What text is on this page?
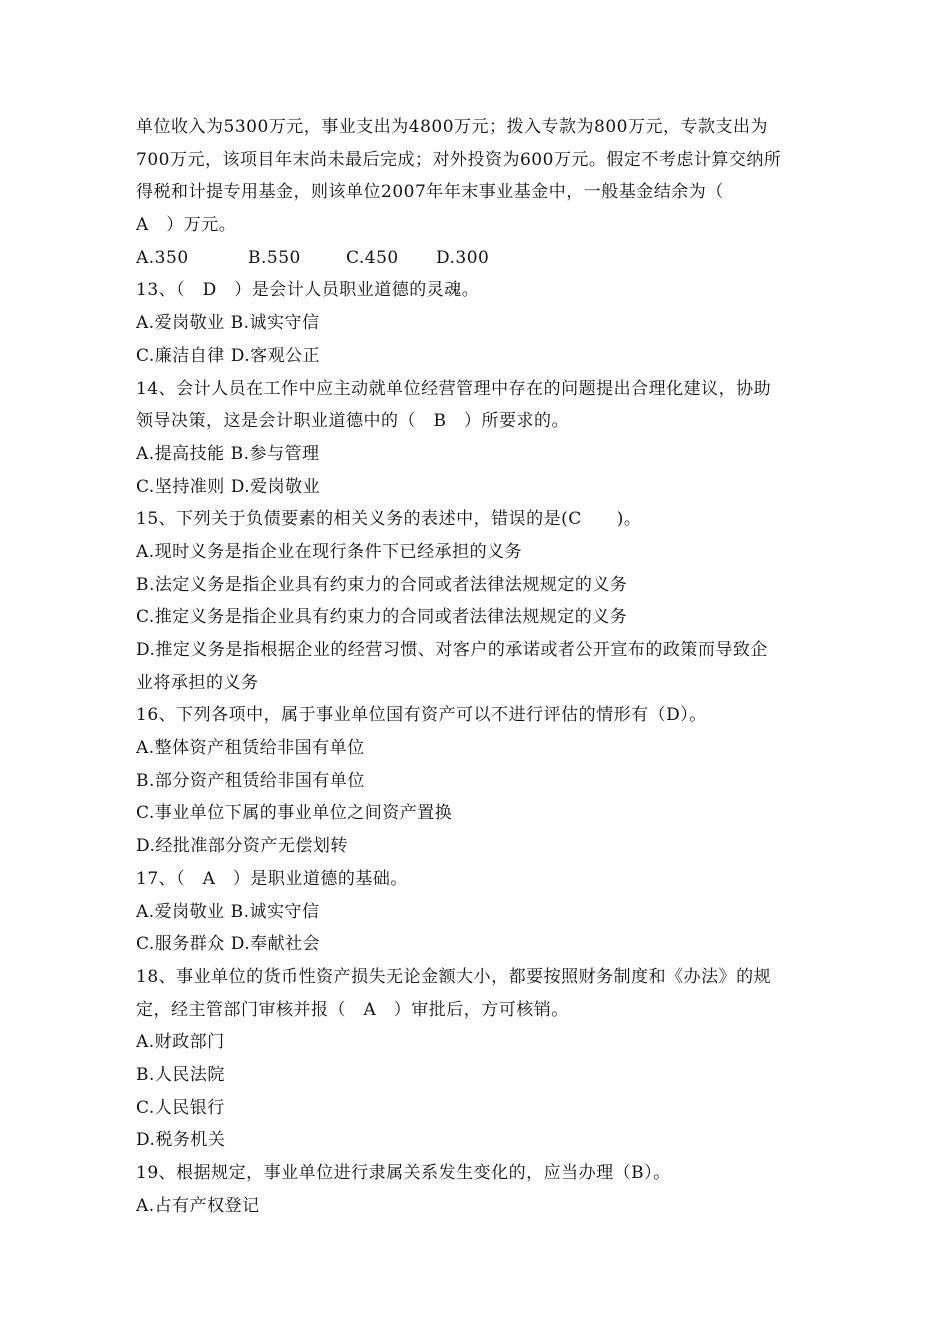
单位收入为5300万元，事业支出为4800万元；拨入专款为800万元，专款支出为
700万元，该项目年末尚未最后完成；对外投资为600万元。假定不考虑计算交纳所
得税和计提专用基金，则该单位2007年年末事业基金中，一般基金结余为（
A　）万元。
A.350	B.550	C.450 D.300
13、（　D　）是会计人员职业道德的灵魂。
A.爱岗敬业 B.诚实守信
C.廉洁自律 D.客观公正
14、会计人员在工作中应主动就单位经营管理中存在的问题提出合理化建议，协助
领导决策，这是会计职业道德中的（　B　）所要求的。
A.提高技能 B.参与管理
C.坚持准则 D.爱岗敬业
15、下列关于负债要素的相关义务的表述中，错误的是(C　　)。
A.现时义务是指企业在现行条件下已经承担的义务
B.法定义务是指企业具有约束力的合同或者法律法规规定的义务
C.推定义务是指企业具有约束力的合同或者法律法规规定的义务
D.推定义务是指根据企业的经营习惯、对客户的承诺或者公开宣布的政策而导致企
业将承担的义务
16、下列各项中，属于事业单位国有资产可以不进行评估的情形有（D）。
A.整体资产租赁给非国有单位
B.部分资产租赁给非国有单位
C.事业单位下属的事业单位之间资产置换
D.经批准部分资产无偿划转
17、（　A　）是职业道德的基础。
A.爱岗敬业 B.诚实守信
C.服务群众 D.奉献社会
18、事业单位的货币性资产损失无论金额大小，都要按照财务制度和《办法》的规
定，经主管部门审核并报（　A　）审批后，方可核销。
A.财政部门
B.人民法院
C.人民银行
D.税务机关
19、根据规定，事业单位进行隶属关系发生变化的，应当办理（B）。
A.占有产权登记
